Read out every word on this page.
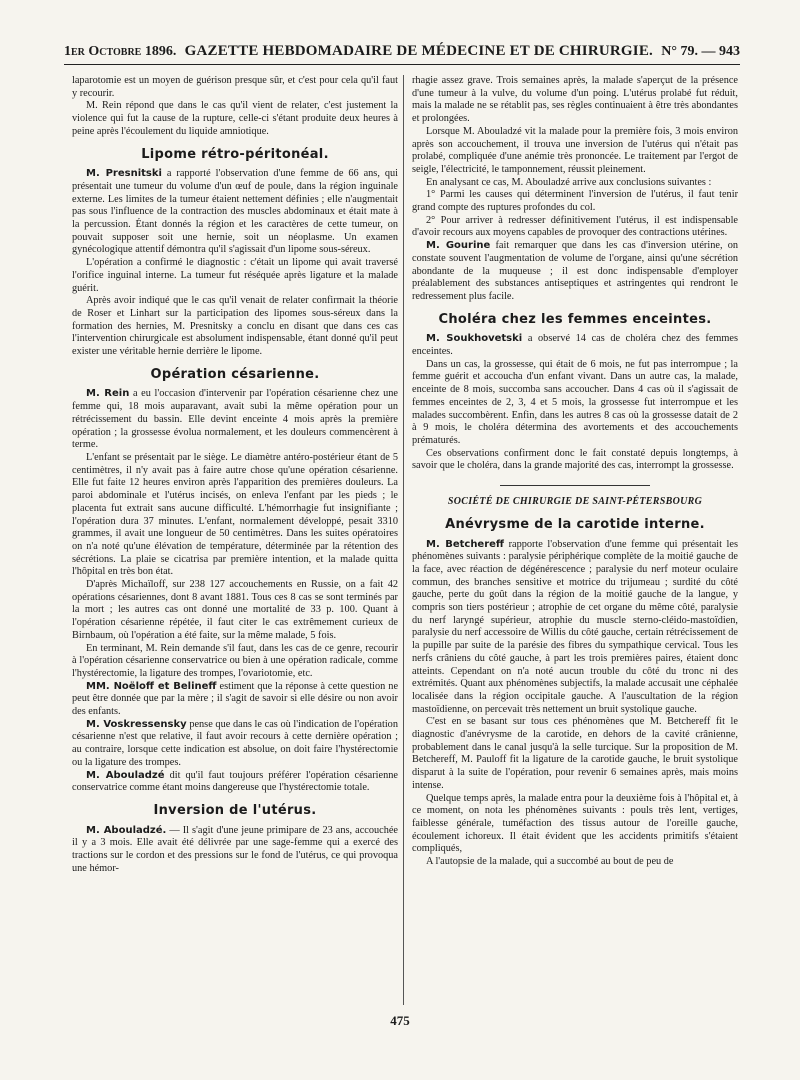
1er Octobre 1896. GAZETTE HEBDOMADAIRE DE MÉDECINE ET DE CHIRURGIE. N° 79. — 943

laparotomie est un moyen de guérison presque sûr, et c'est pour cela qu'il faut y recourir.

M. Rein répond que dans le cas qu'il vient de relater, c'est justement la violence qui fut la cause de la rupture, celle-ci s'étant produite deux heures à peine après l'écoulement du liquide amniotique.

Lipome rétro-péritonéal.

M. Presnitski a rapporté l'observation d'une femme de 66 ans, qui présentait une tumeur du volume d'un œuf de poule, dans la région inguinale externe. Les limites de la tumeur étaient nettement définies ; elle n'augmentait pas sous l'influence de la contraction des muscles abdominaux et était mate à la percussion. Étant donnés la région et les caractères de cette tumeur, on pouvait supposer soit une hernie, soit un néoplasme. Un examen gynécologique attentif démontra qu'il s'agissait d'un lipome sous-séreux.

L'opération a confirmé le diagnostic : c'était un lipome qui avait traversé l'orifice inguinal interne. La tumeur fut réséquée après ligature et la malade guérit.

Après avoir indiqué que le cas qu'il venait de relater confirmait la théorie de Roser et Linhart sur la participation des lipomes sous-séreux dans la formation des hernies, M. Presnitsky a conclu en disant que dans ces cas l'intervention chirurgicale est absolument indispensable, étant donné qu'il peut exister une véritable hernie derrière le lipome.

Opération césarienne.

M. Rein a eu l'occasion d'intervenir par l'opération césarienne chez une femme qui, 18 mois auparavant, avait subi la même opération pour un rétrécissement du bassin. Elle devint enceinte 4 mois après la première opération ; la grossesse évolua normalement, et les douleurs commencèrent à terme.

L'enfant se présentait par le siège. Le diamètre antéro-postérieur étant de 5 centimètres, il n'y avait pas à faire autre chose qu'une opération césarienne. Elle fut faite 12 heures environ après l'apparition des premières douleurs. La paroi abdominale et l'utérus incisés, on enleva l'enfant par les pieds ; le placenta fut extrait sans aucune difficulté. L'hémorrhagie fut insignifiante ; l'opération dura 37 minutes. L'enfant, normalement développé, pesait 3310 grammes, il avait une longueur de 50 centimètres. Dans les suites opératoires on n'a noté qu'une élévation de température, déterminée par la rétention des sécrétions. La plaie se cicatrisa par première intention, et la malade quitta l'hôpital en très bon état.

D'après Michaïloff, sur 238 127 accouchements en Russie, on a fait 42 opérations césariennes, dont 8 avant 1881. Tous ces 8 cas se sont terminés par la mort ; les autres cas ont donné une mortalité de 33 p. 100. Quant à l'opération césarienne répétée, il faut citer le cas extrêmement curieux de Birnbaum, où l'opération a été faite, sur la même malade, 5 fois.

En terminant, M. Rein demande s'il faut, dans les cas de ce genre, recourir à l'opération césarienne conservatrice ou bien à une opération radicale, comme l'hystérectomie, la ligature des trompes, l'ovariotomie, etc.

MM. Noëloff et Belineff estiment que la réponse à cette question ne peut être donnée que par la mère ; il s'agit de savoir si elle désire ou non avoir des enfants.

M. Voskressensky pense que dans le cas où l'indication de l'opération césarienne n'est que relative, il faut avoir recours à cette dernière opération ; au contraire, lorsque cette indication est absolue, on doit faire l'hystérectomie ou la ligature des trompes.

M. Abouladzé dit qu'il faut toujours préférer l'opération césarienne conservatrice comme étant moins dangereuse que l'hystérectomie totale.

Inversion de l'utérus.

M. Abouladzé. — Il s'agit d'une jeune primipare de 23 ans, accouchée il y a 3 mois. Elle avait été délivrée par une sage-femme qui a exercé des tractions sur le cordon et des pressions sur le fond de l'utérus, ce qui provoqua une hémor-

rhagie assez grave. Trois semaines après, la malade s'aperçut de la présence d'une tumeur à la vulve, du volume d'un poing. L'utérus prolabé fut réduit, mais la malade ne se rétablit pas, ses règles continuaient à être très abondantes et prolongées.

Lorsque M. Abouladzé vit la malade pour la première fois, 3 mois environ après son accouchement, il trouva une inversion de l'utérus qui n'était pas prolabé, compliquée d'une anémie très prononcée. Le traitement par l'ergot de seigle, l'électricité, le tamponnement, réussit pleinement.

En analysant ce cas, M. Abouladzé arrive aux conclusions suivantes :

1° Parmi les causes qui déterminent l'inversion de l'utérus, il faut tenir grand compte des ruptures profondes du col.

2° Pour arriver à redresser définitivement l'utérus, il est indispensable d'avoir recours aux moyens capables de provoquer des contractions utérines.

M. Gourine fait remarquer que dans les cas d'inversion utérine, on constate souvent l'augmentation de volume de l'organe, ainsi qu'une sécrétion abondante de la muqueuse ; il est donc indispensable d'employer préalablement des substances antiseptiques et astringentes qui rendront le redressement plus facile.

Choléra chez les femmes enceintes.

M. Soukhovetski a observé 14 cas de choléra chez des femmes enceintes.

Dans un cas, la grossesse, qui était de 6 mois, ne fut pas interrompue ; la femme guérit et accoucha d'un enfant vivant. Dans un autre cas, la malade, enceinte de 8 mois, succomba sans accoucher. Dans 4 cas où il s'agissait de femmes enceintes de 2, 3, 4 et 5 mois, la grossesse fut interrompue et les malades succombèrent. Enfin, dans les autres 8 cas où la grossesse datait de 2 à 9 mois, le choléra détermina des avortements et des accouchements prématurés.

Ces observations confirment donc le fait constaté depuis longtemps, à savoir que le choléra, dans la grande majorité des cas, interrompt la grossesse.

SOCIÉTÉ DE CHIRURGIE DE SAINT-PÉTERSBOURG
Anévrysme de la carotide interne.

M. Betchereff rapporte l'observation d'une femme qui présentait les phénomènes suivants : paralysie périphérique complète de la moitié gauche de la face, avec réaction de dégénérescence ; paralysie du nerf moteur oculaire commun, des branches sensitive et motrice du trijumeau ; surdité du côté gauche, perte du goût dans la région de la moitié gauche de la langue, y compris son tiers postérieur ; atrophie de cet organe du même côté, paralysie du nerf laryngé supérieur, atrophie du muscle sterno-cléido-mastoïdien, paralysie du nerf accessoire de Willis du côté gauche, certain rétrécissement de la pupille par suite de la parésie des fibres du sympathique cervical. Tous les nerfs crâniens du côté gauche, à part les trois premières paires, étaient donc atteints. Cependant on n'a noté aucun trouble du côté du tronc ni des extrémités. Quant aux phénomènes subjectifs, la malade accusait une céphalée localisée dans la région occipitale gauche. A l'auscultation de la région mastoïdienne, on percevait très nettement un bruit systolique gauche.

C'est en se basant sur tous ces phénomènes que M. Betchereff fit le diagnostic d'anévrysme de la carotide, en dehors de la cavité crânienne, probablement dans le canal jusqu'à la selle turcique. Sur la proposition de M. Betchereff, M. Pauloff fit la ligature de la carotide gauche, le bruit systolique disparut à la suite de l'opération, pour revenir 6 semaines après, mais moins intense.

Quelque temps après, la malade entra pour la deuxième fois à l'hôpital et, à ce moment, on nota les phénomènes suivants : pouls très lent, vertiges, faiblesse générale, tuméfaction des tissus autour de l'oreille gauche, écoulement ichoreux. Il était évident que les accidents primitifs s'étaient compliqués,

A l'autopsie de la malade, qui a succombé au bout de peu de

475
